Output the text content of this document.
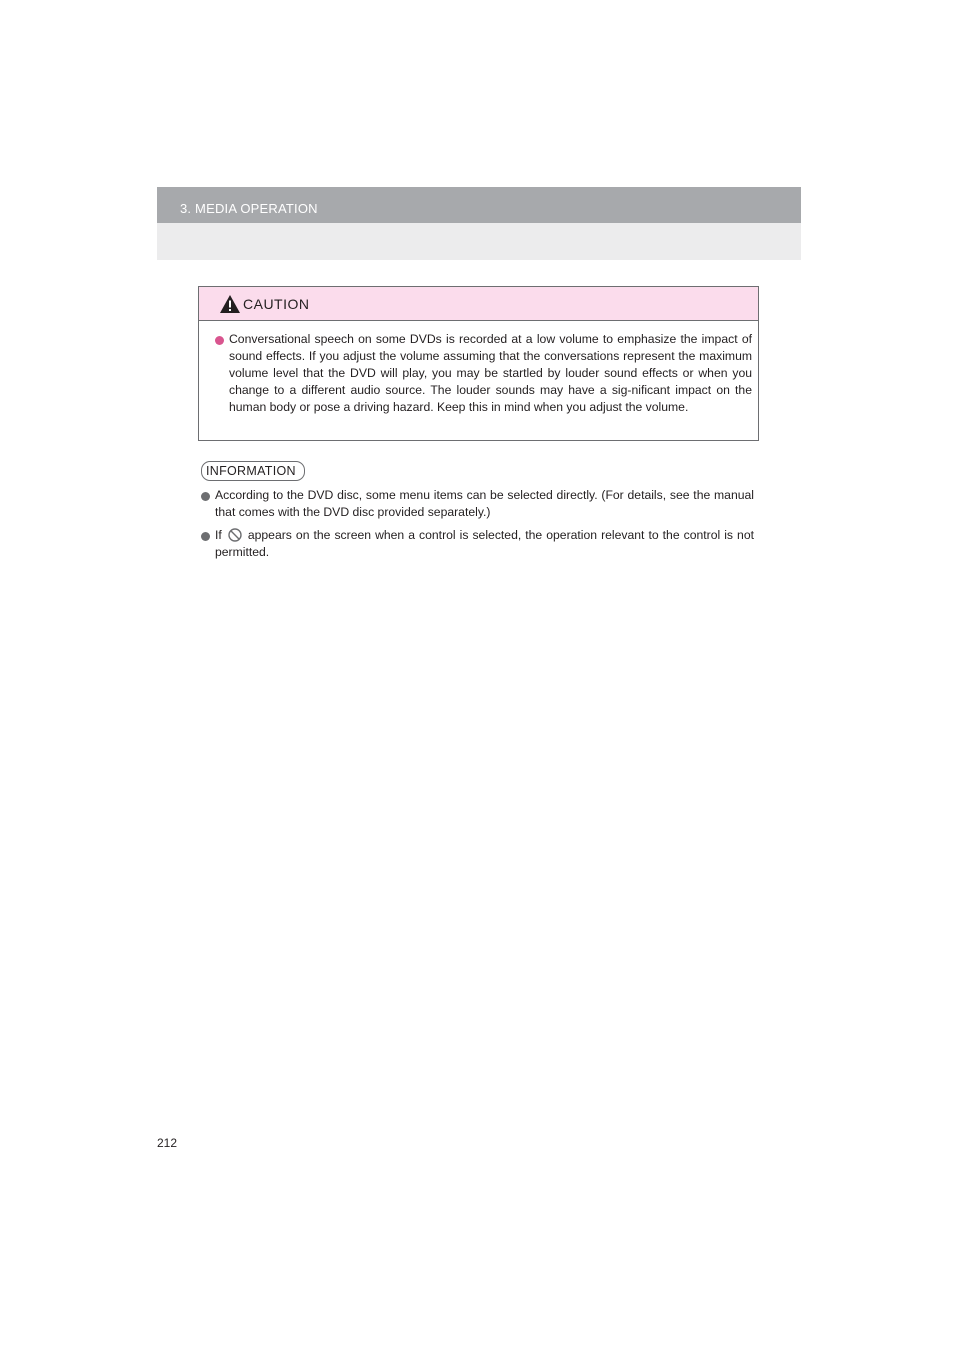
3. MEDIA OPERATION
CAUTION
Conversational speech on some DVDs is recorded at a low volume to emphasize the impact of sound effects. If you adjust the volume assuming that the conversations represent the maximum volume level that the DVD will play, you may be startled by louder sound effects or when you change to a different audio source. The louder sounds may have a sig-nificant impact on the human body or pose a driving hazard. Keep this in mind when you adjust the volume.
INFORMATION
According to the DVD disc, some menu items can be selected directly. (For details, see the manual that comes with the DVD disc provided separately.)
If appears on the screen when a control is selected, the operation relevant to the control is not permitted.
212
